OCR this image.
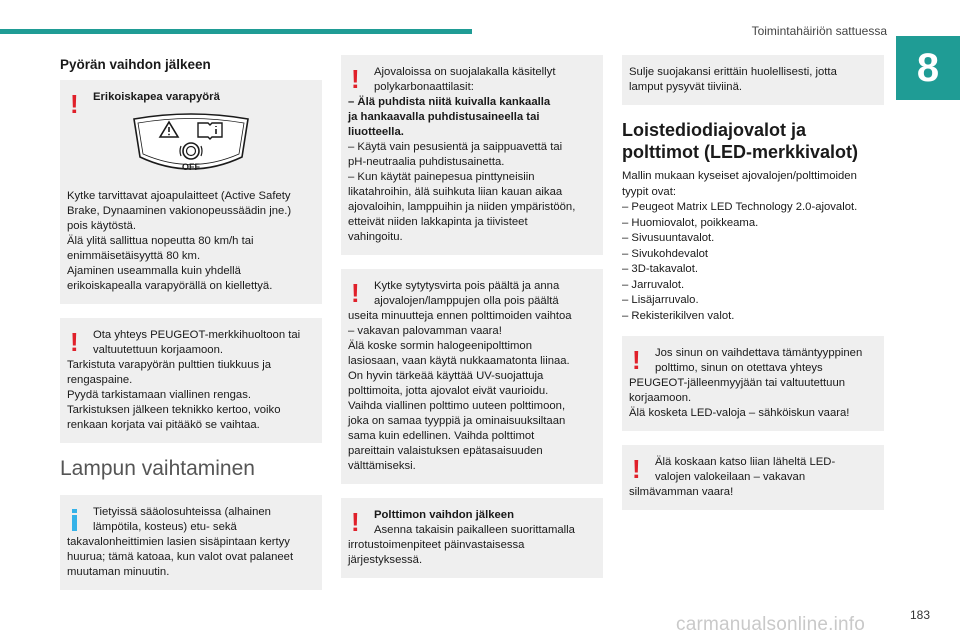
Toimintahäiriön sattuessa
8
Pyörän vaihdon jälkeen
!	Erikoiskapea varapyörä
OFF
Kytke tarvittavat ajoapulaitteet (Active Safety
Brake, Dynaaminen vakionopeussäädin jne.)
pois käytöstä.
Älä ylitä sallittua nopeutta 80 km/h tai
enimmäisetäisyyttä 80 km.
Ajaminen useammalla kuin yhdellä
erikoiskapealla varapyörällä on kiellettyä.
!	Ota yhteys PEUGEOT-merkkihuoltoon tai
valtuutettuun korjaamoon.
Tarkistuta varapyörän pulttien tiukkuus ja
rengaspaine.
Pyydä tarkistamaan viallinen rengas.
Tarkistuksen jälkeen teknikko kertoo, voiko
renkaan korjata vai pitääkö se vaihtaa.
Lampun vaihtaminen
Tietyissä sääolosuhteissa (alhainen
lämpötila, kosteus) etu- sekä
takavalonheittimien lasien sisäpintaan kertyy
huurua; tämä katoaa, kun valot ovat palaneet
muutaman minuutin.
!	Ajovaloissa on suojalakalla käsitellyt
polykarbonaattilasit:
– Älä puhdista niitä kuivalla kankaalla
ja hankaavalla puhdistusaineella tai
liuotteella.
– Käytä vain pesusientä ja saippuavettä tai
pH-neutraalia puhdistusainetta.
– Kun käytät painepesua pinttyneisiin
likatahroihin, älä suihkuta liian kauan aikaa
ajovaloihin, lamppuihin ja niiden ympäristöön,
etteivät niiden lakkapinta ja tiivisteet
vahingoitu.
!	Kytke sytytysvirta pois päältä ja anna
ajovalojen/lamppujen olla pois päältä
useita minuutteja ennen polttimoiden vaihtoa
– vakavan palovamman vaara!
Älä koske sormin halogeenipolttimon
lasiosaan, vaan käytä nukkaamatonta liinaa.
On hyvin tärkeää käyttää UV-suojattuja
polttimoita, jotta ajovalot eivät vaurioidu.
Vaihda viallinen polttimo uuteen polttimoon,
joka on samaa tyyppiä ja ominaisuuksiltaan
sama kuin edellinen. Vaihda polttimot
pareittain valaistuksen epätasaisuuden
välttämiseksi.
!	Polttimon vaihdon jälkeen
Asenna takaisin paikalleen suorittamalla
irrotustoimenpiteet päinvastaisessa
järjestyksessä.
Sulje suojakansi erittäin huolellisesti, jotta
lamput pysyvät tiiviinä.
Loistediodiajovalot ja
polttimot (LED-merkkivalot)
Mallin mukaan kyseiset ajovalojen/polttimoiden
tyypit ovat:
– Peugeot Matrix LED Technology 2.0-ajovalot.
– Huomiovalot, poikkeama.
– Sivusuuntavalot.
– Sivukohdevalot
– 3D-takavalot.
– Jarruvalot.
– Lisäjarruvalo.
– Rekisterikilven valot.
!	Jos sinun on vaihdettava tämäntyyppinen
polttimo, sinun on otettava yhteys
PEUGEOT-jälleenmyyjään tai valtuutettuun
korjaamoon.
Älä kosketa LED-valoja – sähköiskun vaara!
!	Älä koskaan katso liian läheltä LED-
valojen valokeilaan – vakavan
silmävamman vaara!
183
carmanualsonline.info
